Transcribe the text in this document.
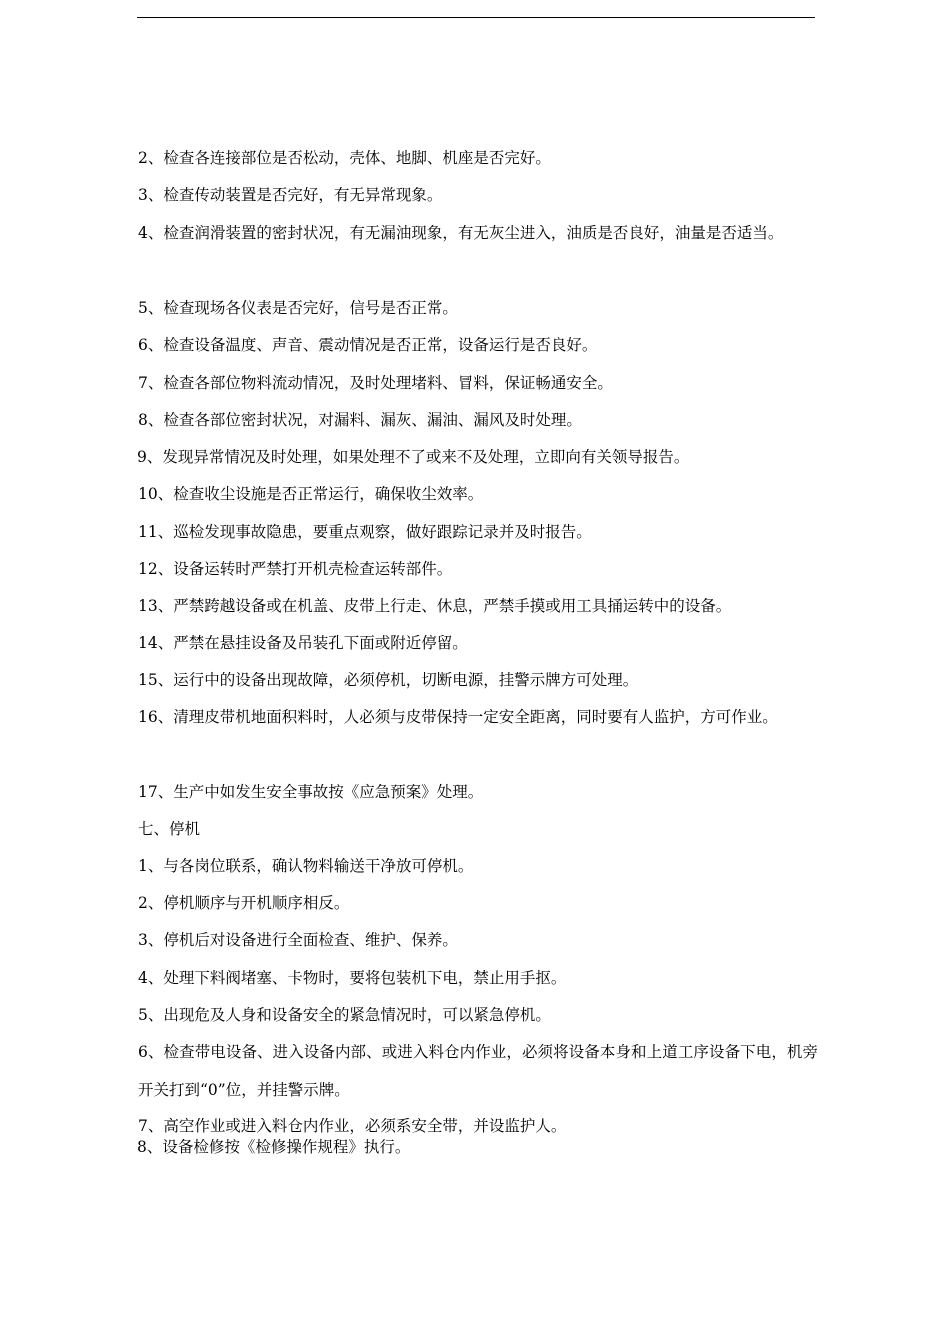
2、检查各连接部位是否松动，壳体、地脚、机座是否完好。

3、检查传动装置是否完好，有无异常现象。

4、检查润滑装置的密封状况，有无漏油现象，有无灰尘进入，油质是否良好，油量是否适当。

5、检查现场各仪表是否完好，信号是否正常。

6、检查设备温度、声音、震动情况是否正常，设备运行是否良好。

7、检查各部位物料流动情况，及时处理堵料、冒料，保证畅通安全。

8、检查各部位密封状况，对漏料、漏灰、漏油、漏风及时处理。

9、发现异常情况及时处理，如果处理不了或来不及处理，立即向有关领导报告。

10、检查收尘设施是否正常运行，确保收尘效率。

11、巡检发现事故隐患，要重点观察，做好跟踪记录并及时报告。

12、设备运转时严禁打开机壳检查运转部件。

13、严禁跨越设备或在机盖、皮带上行走、休息，严禁手摸或用工具捅运转中的设备。

14、严禁在悬挂设备及吊装孔下面或附近停留。

15、运行中的设备出现故障，必须停机，切断电源，挂警示牌方可处理。

16、清理皮带机地面积料时，人必须与皮带保持一定安全距离，同时要有人监护，方可作业。

17、生产中如发生安全事故按《应急预案》处理。

七、停机

1、与各岗位联系，确认物料输送干净放可停机。

2、停机顺序与开机顺序相反。

3、停机后对设备进行全面检查、维护、保养。

4、处理下料阀堵塞、卡物时，要将包装机下电，禁止用手抠。

5、出现危及人身和设备安全的紧急情况时，可以紧急停机。

6、检查带电设备、进入设备内部、或进入料仓内作业，必须将设备本身和上道工序设备下电，机旁开关打到“0”位，并挂警示牌。

7、高空作业或进入料仓内作业，必须系安全带，并设监护人。

8、设备检修按《检修操作规程》执行。
